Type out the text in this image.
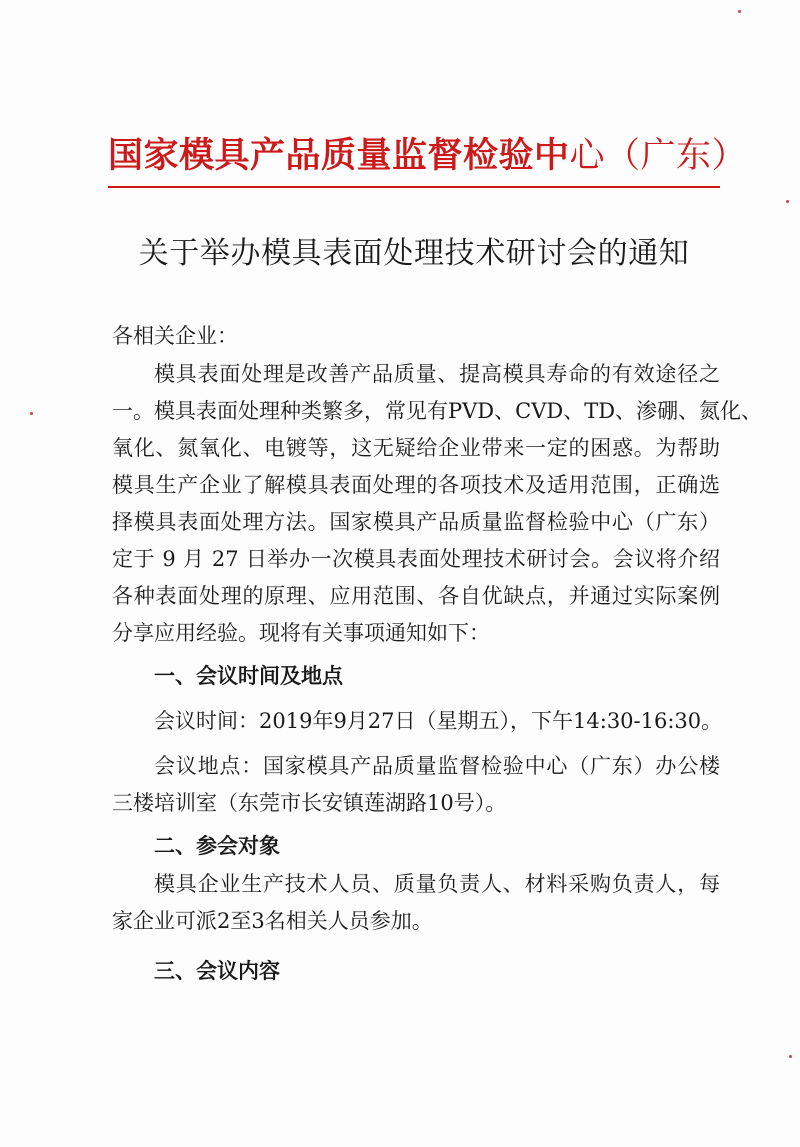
国家模具产品质量监督检验中心（广东）
关于举办模具表面处理技术研讨会的通知

各相关企业：

模具表面处理是改善产品质量、提高模具寿命的有效途径之
一。模具表面处理种类繁多，常见有PVD、CVD、TD、渗硼、氮化、
氧化、氮氧化、电镀等，这无疑给企业带来一定的困惑。为帮助
模具生产企业了解模具表面处理的各项技术及适用范围，正确选
择模具表面处理方法。国家模具产品质量监督检验中心（广东）
定于 9 月 27 日举办一次模具表面处理技术研讨会。会议将介绍
各种表面处理的原理、应用范围、各自优缺点，并通过实际案例
分享应用经验。现将有关事项通知如下：
一、会议时间及地点
会议时间：2019年9月27日（星期五），下午14:30-16:30。
会议地点：国家模具产品质量监督检验中心（广东）办公楼
三楼培训室（东莞市长安镇莲湖路10号）。
二、参会对象
模具企业生产技术人员、质量负责人、材料采购负责人，每
家企业可派2至3名相关人员参加。
三、会议内容
